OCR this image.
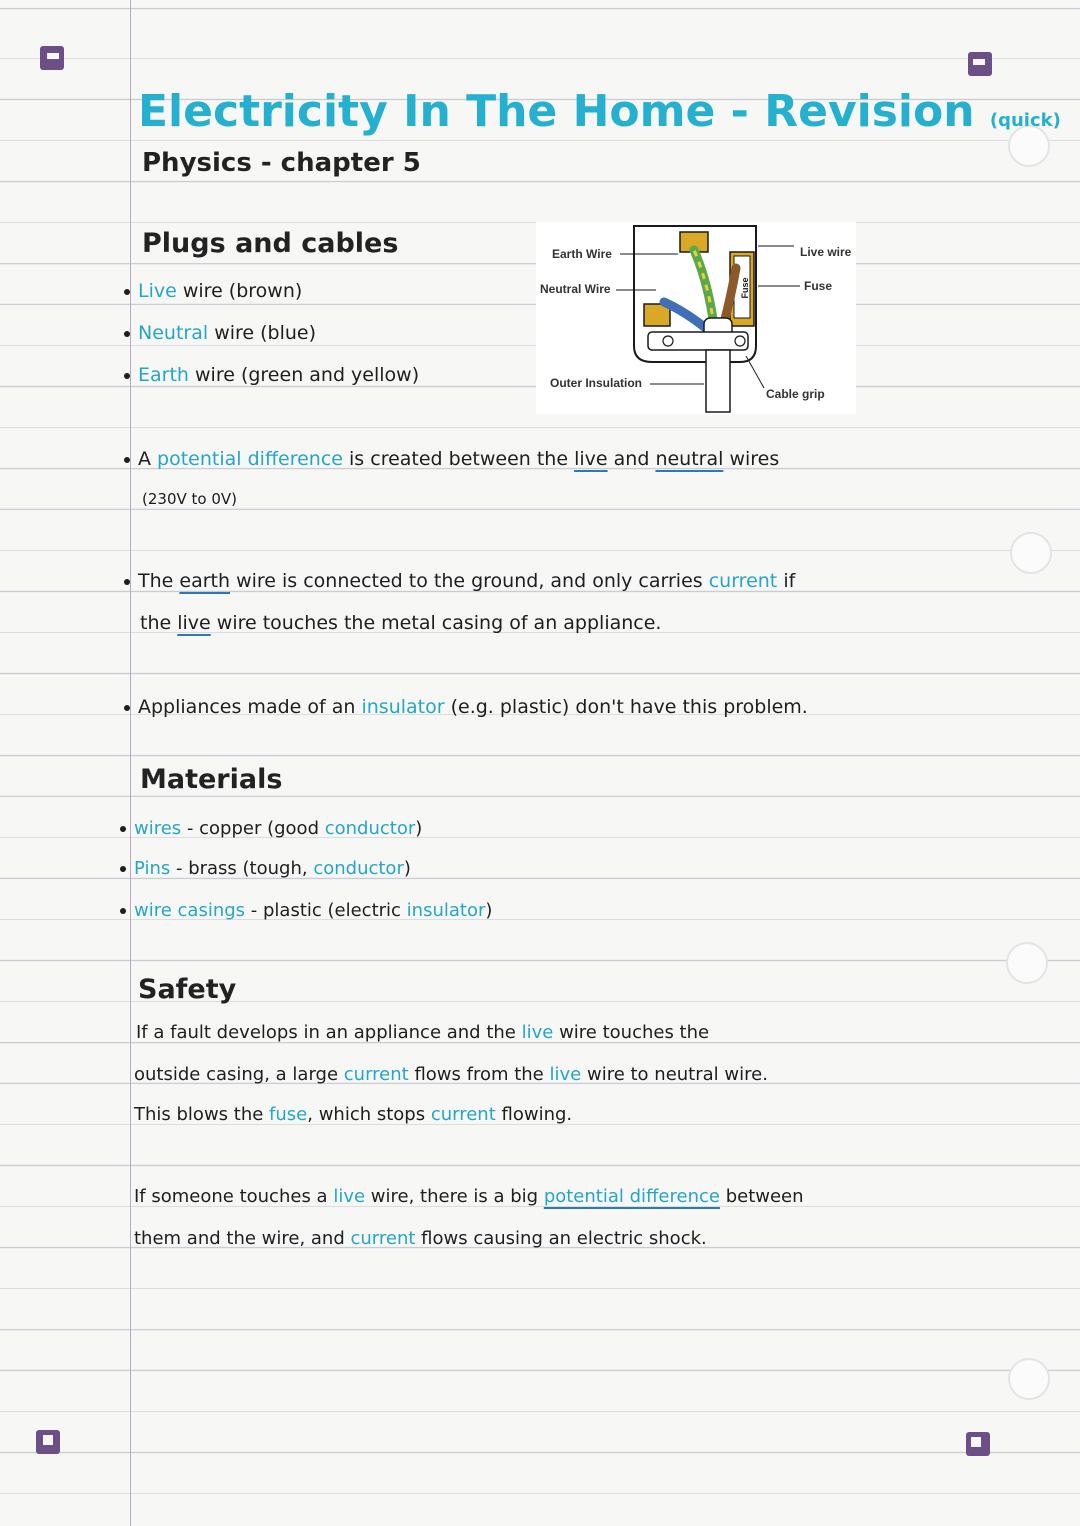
Electricity In The Home - Revision (quick)
Physics - chapter 5
Plugs and cables
Live wire (brown)
Neutral wire (blue)
Earth wire (green and yellow)
Fuse
Earth Wire
Neutral Wire
Outer Insulation
Live wire
Fuse
Cable grip
A potential difference is created between the live and neutral wires
(230V to 0V)
The earth wire is connected to the ground, and only carries current if
the live wire touches the metal casing of an appliance.
Appliances made of an insulator (e.g. plastic) don't have this problem.
Materials
wires - copper (good conductor)
Pins - brass (tough, conductor)
wire casings - plastic (electric insulator)
Safety
If a fault develops in an appliance and the live wire touches the
outside casing, a large current flows from the live wire to neutral wire.
This blows the fuse, which stops current flowing.
If someone touches a live wire, there is a big potential difference between
them and the wire, and current flows causing an electric shock.
